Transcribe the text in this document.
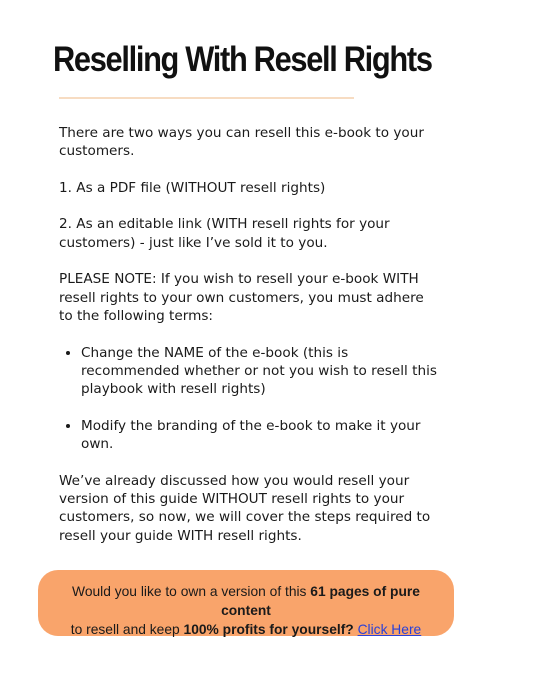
Reselling With Resell Rights

There are two ways you can resell this e-book to your customers.

1. As a PDF file (WITHOUT resell rights)

2. As an editable link (WITH resell rights for your customers) - just like I’ve sold it to you.

PLEASE NOTE: If you wish to resell your e-book WITH resell rights to your own customers, you must adhere to the following terms:

• Change the NAME of the e-book (this is recommended whether or not you wish to resell this playbook with resell rights)
• Modify the branding of the e-book to make it your own.

We’ve already discussed how you would resell your version of this guide WITHOUT resell rights to your customers, so now, we will cover the steps required to resell your guide WITH resell rights.

Would you like to own a version of this 61 pages of pure content
to resell and keep 100% profits for yourself? Click Here
